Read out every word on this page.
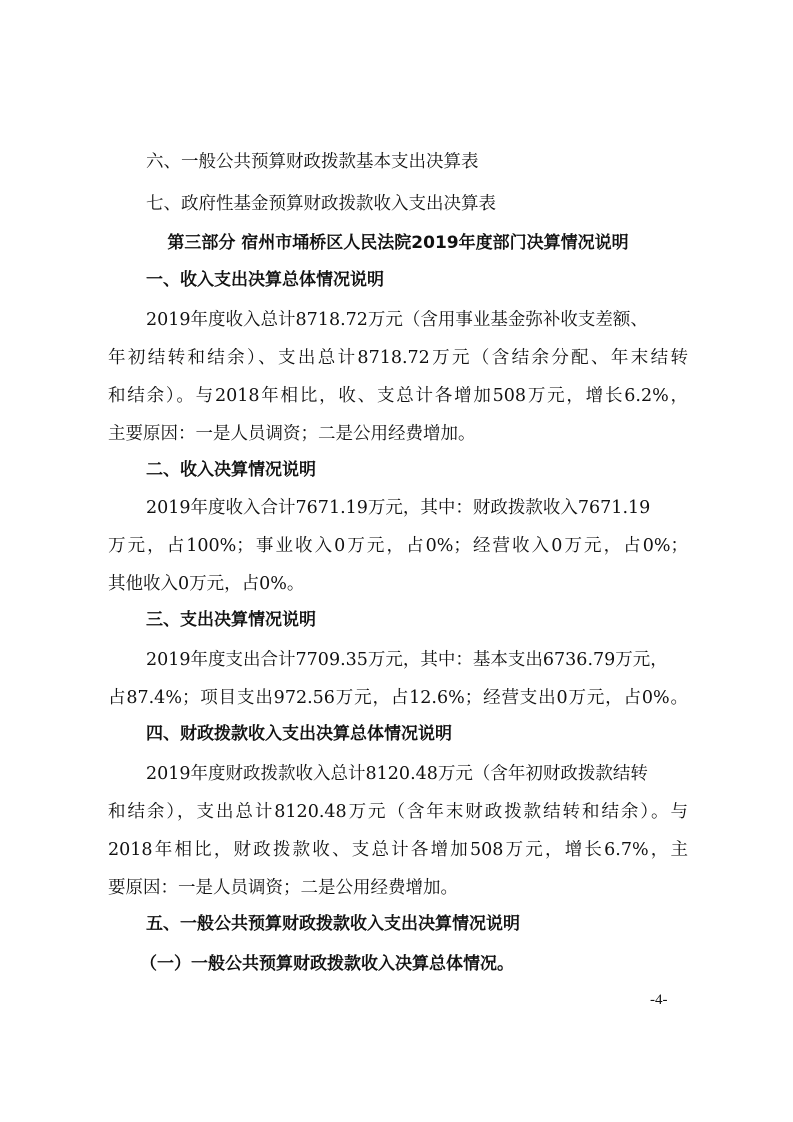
六、一般公共预算财政拨款基本支出决算表
七、政府性基金预算财政拨款收入支出决算表
第三部分 宿州市埇桥区人民法院2019年度部门决算情况说明
一、收入支出决算总体情况说明
2019年度收入总计8718.72万元（含用事业基金弥补收支差额、
年初结转和结余）、支出总计8718.72万元（含结余分配、年末结转
和结余）。与2018年相比，收、支总计各增加508万元，增长6.2%，
主要原因：一是人员调资；二是公用经费增加。
二、收入决算情况说明
2019年度收入合计7671.19万元，其中：财政拨款收入7671.19
万元，占100%；事业收入0万元，占0%；经营收入0万元，占0%；
其他收入0万元，占0%。
三、支出决算情况说明
2019年度支出合计7709.35万元，其中：基本支出6736.79万元，
占87.4%；项目支出972.56万元，占12.6%；经营支出0万元，占0%。
四、财政拨款收入支出决算总体情况说明
2019年度财政拨款收入总计8120.48万元（含年初财政拨款结转
和结余），支出总计8120.48万元（含年末财政拨款结转和结余）。与
2018年相比，财政拨款收、支总计各增加508万元，增长6.7%，主
要原因：一是人员调资；二是公用经费增加。
五、一般公共预算财政拨款收入支出决算情况说明
（一）一般公共预算财政拨款收入决算总体情况。
-4-
